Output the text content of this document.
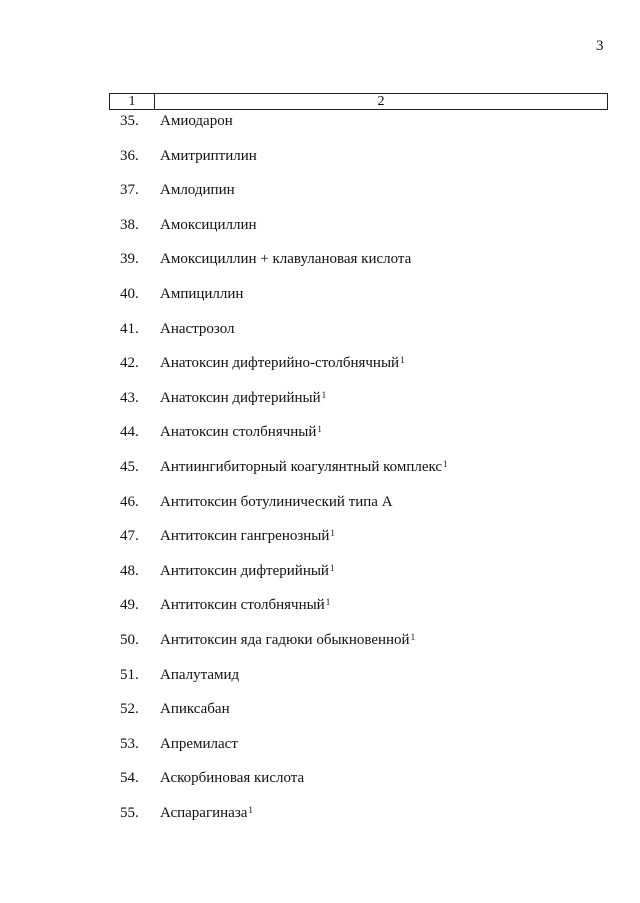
3
1	2
35.	Амиодарон
36.	Амитриптилин
37.	Амлодипин
38.	Амоксициллин
39.	Амоксициллин + клавулановая кислота
40.	Ампициллин
41.	Анастрозол
42.	Анатоксин дифтерийно-столбнячный$^1$
43.	Анатоксин дифтерийный$^1$
44.	Анатоксин столбнячный$^1$
45.	Антиингибиторный коагулянтный комплекс$^1$
46.	Антитоксин ботулинический типа А
47.	Антитоксин гангренозный$^1$
48.	Антитоксин дифтерийный$^1$
49.	Антитоксин столбнячный$^1$
50.	Антитоксин яда гадюки обыкновенной$^1$
51.	Апалутамид
52.	Апиксабан
53.	Апремиласт
54.	Аскорбиновая кислота
55.	Аспарагиназа$^1$
